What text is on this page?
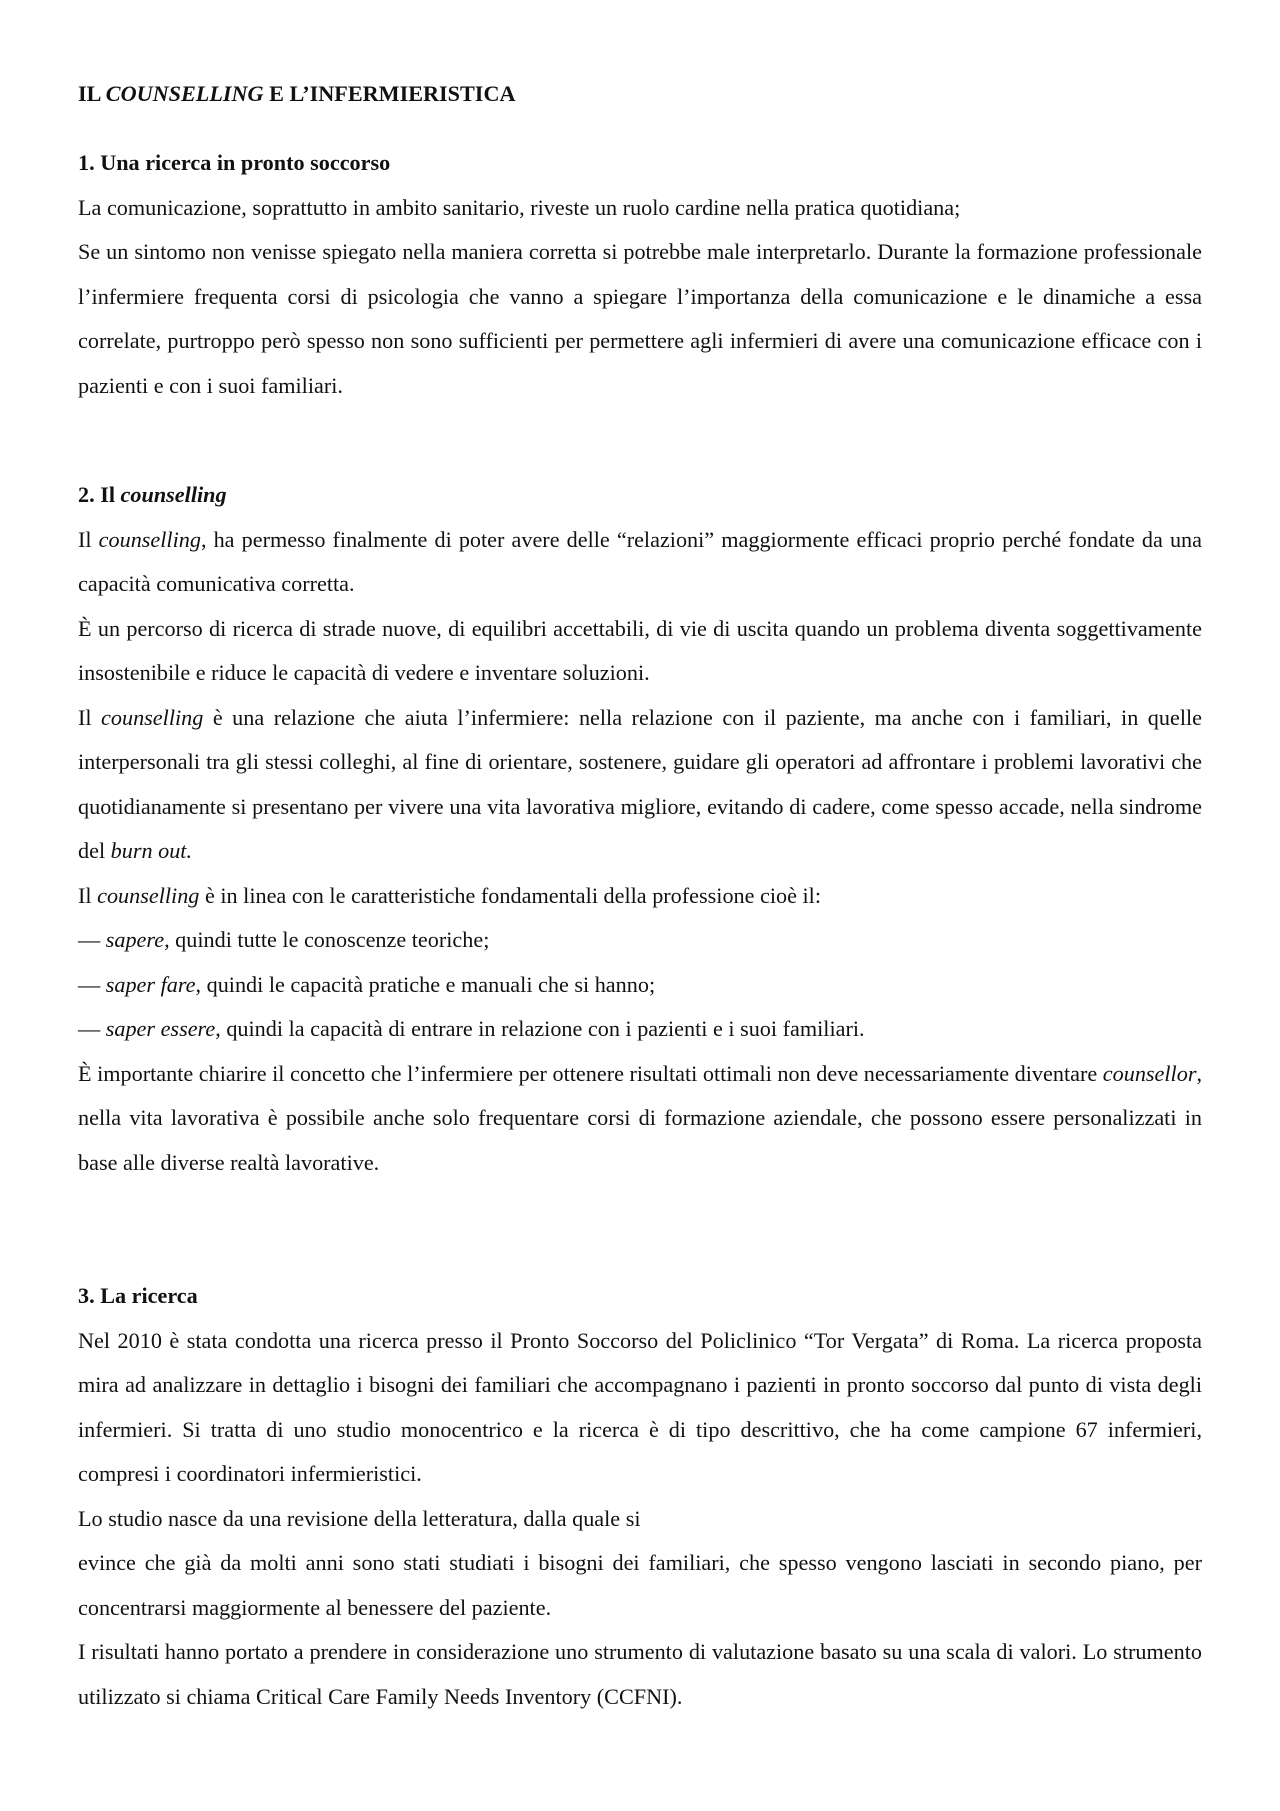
IL COUNSELLING E L’INFERMIERISTICA
1. Una ricerca in pronto soccorso

La comunicazione, soprattutto in ambito sanitario, riveste un ruolo cardine nella pratica quotidiana;

Se un sintomo non venisse spiegato nella maniera corretta si potrebbe male interpretarlo. Durante la formazione professionale l’infermiere frequenta corsi di psicologia che vanno a spiegare l’importanza della comunicazione e le dinamiche a essa correlate, purtroppo però spesso non sono sufficienti per permettere agli infermieri di avere una comunicazione efficace con i pazienti e con i suoi familiari.

2. Il counselling

Il counselling, ha permesso finalmente di poter avere delle “relazioni” maggiormente efficaci proprio perché fondate da una capacità comunicativa corretta.

È un percorso di ricerca di strade nuove, di equilibri accettabili, di vie di uscita quando un problema diventa soggettivamente insostenibile e riduce le capacità di vedere e inventare soluzioni.

Il counselling è una relazione che aiuta l’infermiere: nella relazione con il paziente, ma anche con i familiari, in quelle interpersonali tra gli stessi colleghi, al fine di orientare, sostenere, guidare gli operatori ad affrontare i problemi lavorativi che quotidianamente si presentano per vivere una vita lavorativa migliore, evitando di cadere, come spesso accade, nella sindrome del burn out.

Il counselling è in linea con le caratteristiche fondamentali della professione cioè il:

— sapere, quindi tutte le conoscenze teoriche;

— saper fare, quindi le capacità pratiche e manuali che si hanno;

— saper essere, quindi la capacità di entrare in relazione con i pazienti e i suoi familiari.

È importante chiarire il concetto che l’infermiere per ottenere risultati ottimali non deve necessariamente diventare counsellor, nella vita lavorativa è possibile anche solo frequentare corsi di formazione aziendale, che possono essere personalizzati in base alle diverse realtà lavorative.

3. La ricerca

Nel 2010 è stata condotta una ricerca presso il Pronto Soccorso del Policlinico “Tor Vergata” di Roma. La ricerca proposta mira ad analizzare in dettaglio i bisogni dei familiari che accompagnano i pazienti in pronto soccorso dal punto di vista degli infermieri. Si tratta di uno studio monocentrico e la ricerca è di tipo descrittivo, che ha come campione 67 infermieri, compresi i coordinatori infermieristici.

Lo studio nasce da una revisione della letteratura, dalla quale si

evince che già da molti anni sono stati studiati i bisogni dei familiari, che spesso vengono lasciati in secondo piano, per concentrarsi maggiormente al benessere del paziente.

I risultati hanno portato a prendere in considerazione uno strumento di valutazione basato su una scala di valori. Lo strumento utilizzato si chiama Critical Care Family Needs Inventory (CCFNI).
